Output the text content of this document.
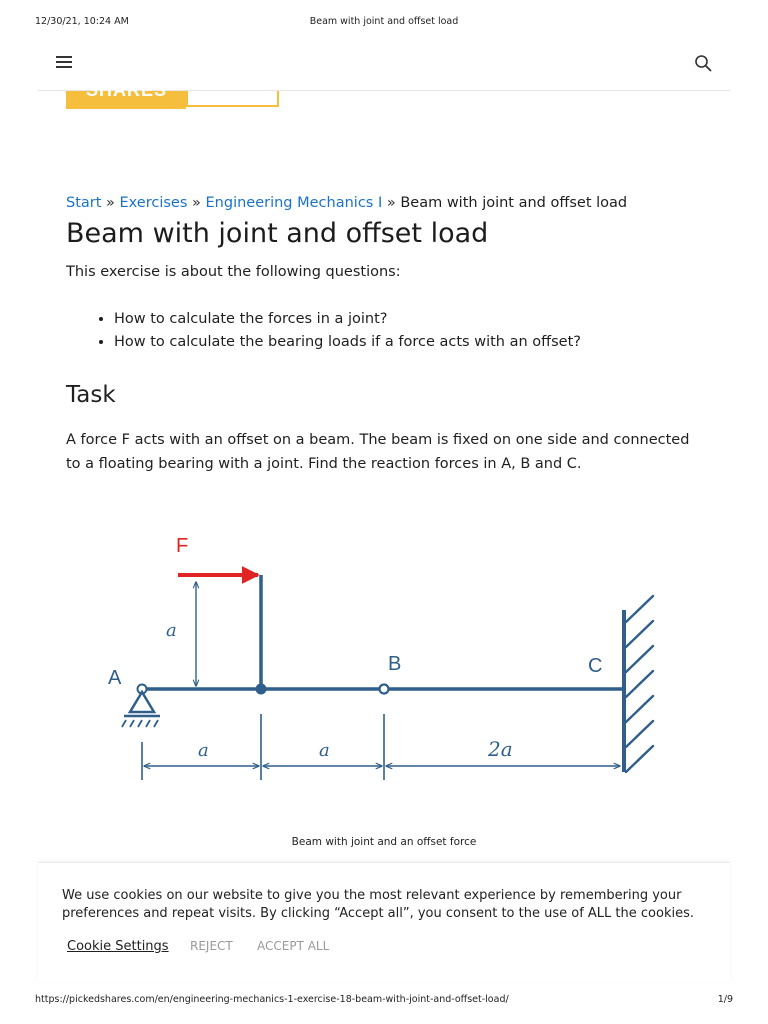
12/30/21, 10:24 AM	Beam with joint and offset load
SHARES
Start » Exercises » Engineering Mechanics I » Beam with joint and offset load
Beam with joint and offset load
This exercise is about the following questions:
• How to calculate the forces in a joint?
• How to calculate the bearing loads if a force acts with an offset?
Task
A force F acts with an offset on a beam. The beam is fixed on one side and connected to a floating bearing with a joint. Find the reaction forces in A, B and C.
F
a
A
B	C
a	a	2a
Beam with joint and an offset force
We use cookies on our website to give you the most relevant experience by remembering your preferences and repeat visits. By clicking “Accept all”, you consent to the use of ALL the cookies.
Cookie Settings REJECT ACCEPT ALL
https://pickedshares.com/en/engineering-mechanics-1-exercise-18-beam-with-joint-and-offset-load/	1/9
